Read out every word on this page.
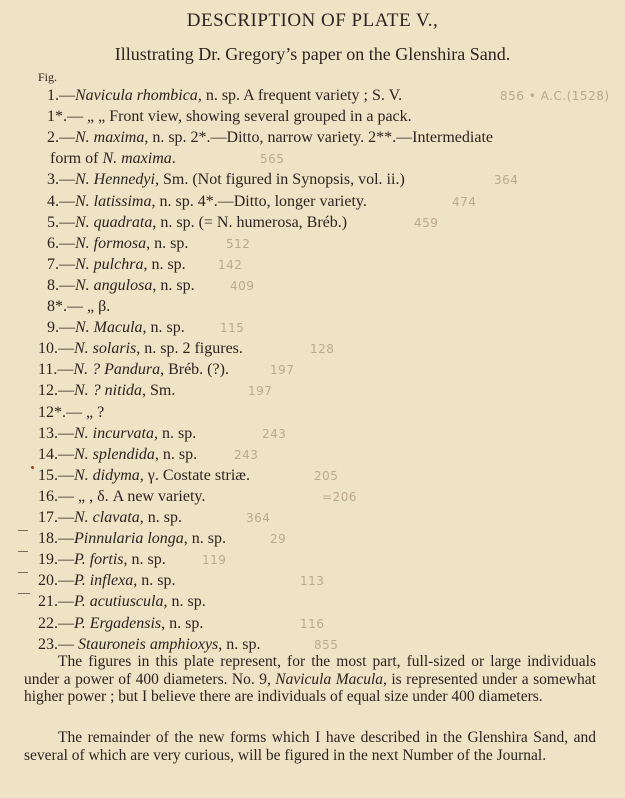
DESCRIPTION OF PLATE V.,
Illustrating Dr. Gregory’s paper on the Glenshira Sand.
Fig.
1.—Navicula rhombica, n. sp. A frequent variety ; S. V.	856 • A.C.(1528)
1*.— „ „ Front view, showing several grouped in a pack.
2.—N. maxima, n. sp. 2*.—Ditto, narrow variety. 2**.—Intermediate
form of N. maxima.	565
3.—N. Hennedyi, Sm. (Not figured in Synopsis, vol. ii.)	364
4.—N. latissima, n. sp. 4*.—Ditto, longer variety.	474
5.—N. quadrata, n. sp. (= N. humerosa, Bréb.)	459
6.—N. formosa, n. sp.	512
7.—N. pulchra, n. sp.	142
8.—N. angulosa, n. sp.	409
8*.— „ β.
9.—N. Macula, n. sp.	115
10.—N. solaris, n. sp. 2 figures.	128
11.—N. ? Pandura, Bréb. (?).	197
12.—N. ? nitida, Sm.	197
12*.— „ ?
13.—N. incurvata, n. sp.	243
14.—N. splendida, n. sp.	243
15.—N. didyma, γ. Costate striæ.	205
16.— „ , δ. A new variety.	=206
17.—N. clavata, n. sp.	364
18.—Pinnularia longa, n. sp.	29
19.—P. fortis, n. sp.	119
20.—P. inflexa, n. sp.	113
21.—P. acutiuscula, n. sp.
22.—P. Ergadensis, n. sp.	116
23.— Stauroneis amphioxys, n. sp.	855
The figures in this plate represent, for the most part, full-sized or large individuals under a power of 400 diameters. No. 9, Navicula Macula, is represented under a somewhat higher power ; but I believe there are individuals of equal size under 400 diameters.
The remainder of the new forms which I have described in the Glenshira Sand, and several of which are very curious, will be figured in the next Number of the Journal.
